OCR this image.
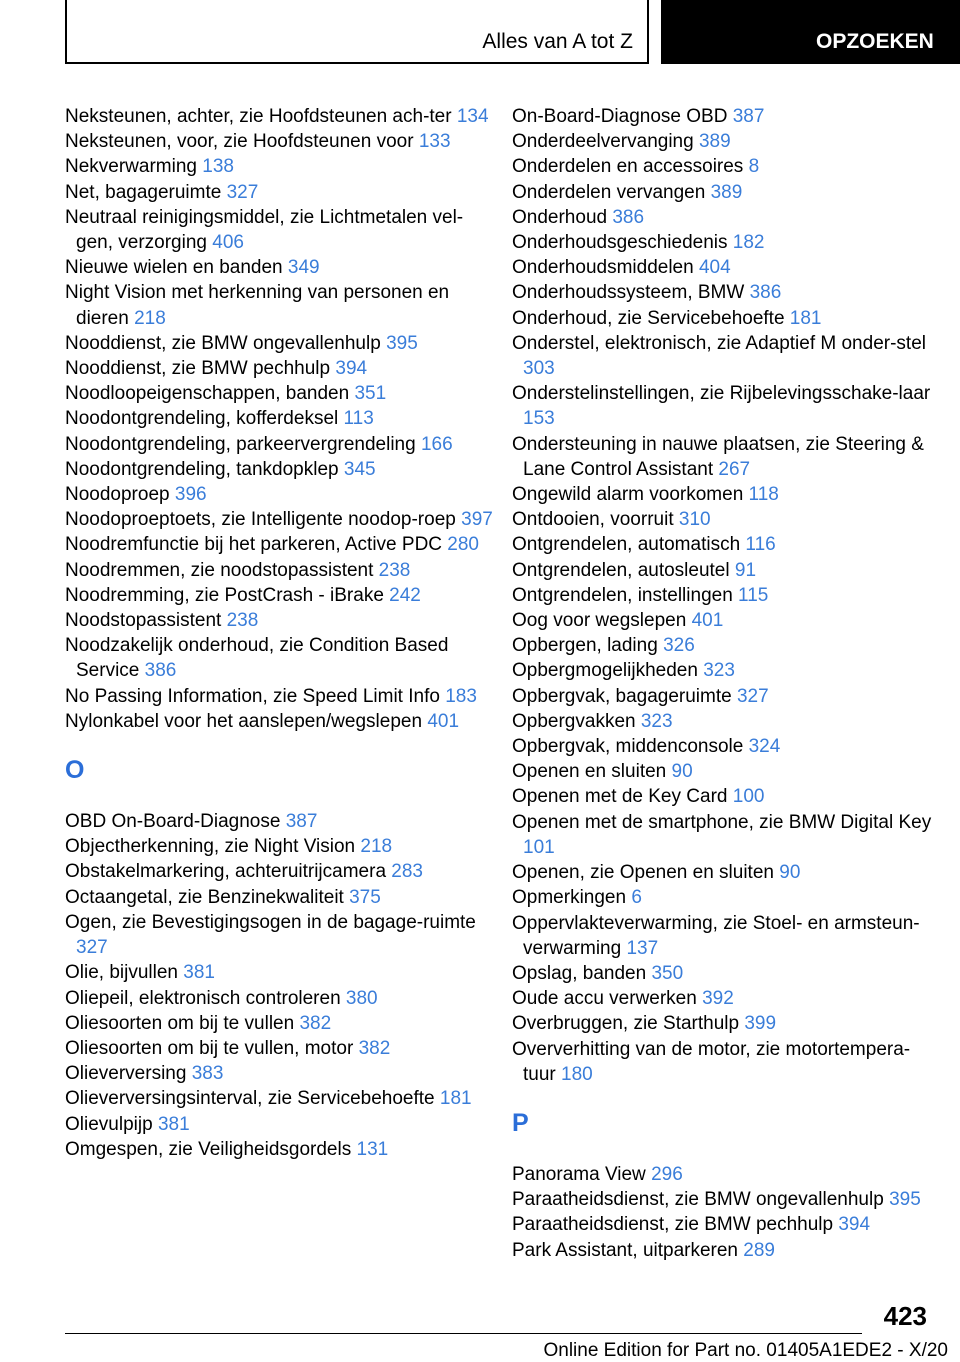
Alles van A tot Z	OPZOEKEN
Neksteunen, achter, zie Hoofdsteunen ach-ter 134
Neksteunen, voor, zie Hoofdsteunen voor 133
Nekverwarming 138
Net, bagageruimte 327
Neutraal reinigingsmiddel, zie Lichtmetalen vel-gen, verzorging 406
Nieuwe wielen en banden 349
Night Vision met herkenning van personen en dieren 218
Nooddienst, zie BMW ongevallenhulp 395
Nooddienst, zie BMW pechhulp 394
Noodloopeigenschappen, banden 351
Noodontgrendeling, kofferdeksel 113
Noodontgrendeling, parkeervergrendeling 166
Noodontgrendeling, tankdopklep 345
Noodoproep 396
Noodoproeptoets, zie Intelligente noodop-roep 397
Noodremfunctie bij het parkeren, Active PDC 280
Noodremmen, zie noodstopassistent 238
Noodremming, zie PostCrash - iBrake 242
Noodstopassistent 238
Noodzakelijk onderhoud, zie Condition Based Service 386
No Passing Information, zie Speed Limit Info 183
Nylonkabel voor het aanslepen/wegslepen 401
O
OBD On-Board-Diagnose 387
Objectherkenning, zie Night Vision 218
Obstakelmarkering, achteruitrijcamera 283
Octaangetal, zie Benzinekwaliteit 375
Ogen, zie Bevestigingsogen in de bagage-ruimte 327
Olie, bijvullen 381
Oliepeil, elektronisch controleren 380
Oliesoorten om bij te vullen 382
Oliesoorten om bij te vullen, motor 382
Olieverversing 383
Olieverversingsinterval, zie Servicebehoefte 181
Olievulpijp 381
Omgespen, zie Veiligheidsgordels 131
On-Board-Diagnose OBD 387
Onderdeelvervanging 389
Onderdelen en accessoires 8
Onderdelen vervangen 389
Onderhoud 386
Onderhoudsgeschiedenis 182
Onderhoudsmiddelen 404
Onderhoudssysteem, BMW 386
Onderhoud, zie Servicebehoefte 181
Onderstel, elektronisch, zie Adaptief M onder-stel 303
Onderstelinstellingen, zie Rijbelevingsschake-laar 153
Ondersteuning in nauwe plaatsen, zie Steering & Lane Control Assistant 267
Ongewild alarm voorkomen 118
Ontdooien, voorruit 310
Ontgrendelen, automatisch 116
Ontgrendelen, autosleutel 91
Ontgrendelen, instellingen 115
Oog voor wegslepen 401
Opbergen, lading 326
Opbergmogelijkheden 323
Opbergvak, bagageruimte 327
Opbergvakken 323
Opbergvak, middenconsole 324
Openen en sluiten 90
Openen met de Key Card 100
Openen met de smartphone, zie BMW Digital Key 101
Openen, zie Openen en sluiten 90
Opmerkingen 6
Oppervlakteverwarming, zie Stoel- en armsteun-verwarming 137
Opslag, banden 350
Oude accu verwerken 392
Overbruggen, zie Starthulp 399
Oververhitting van de motor, zie motortempera-tuur 180
P
Panorama View 296
Paraatheidsdienst, zie BMW ongevallenhulp 395
Paraatheidsdienst, zie BMW pechhulp 394
Park Assistant, uitparkeren 289
423
Online Edition for Part no. 01405A1EDE2 - X/20
